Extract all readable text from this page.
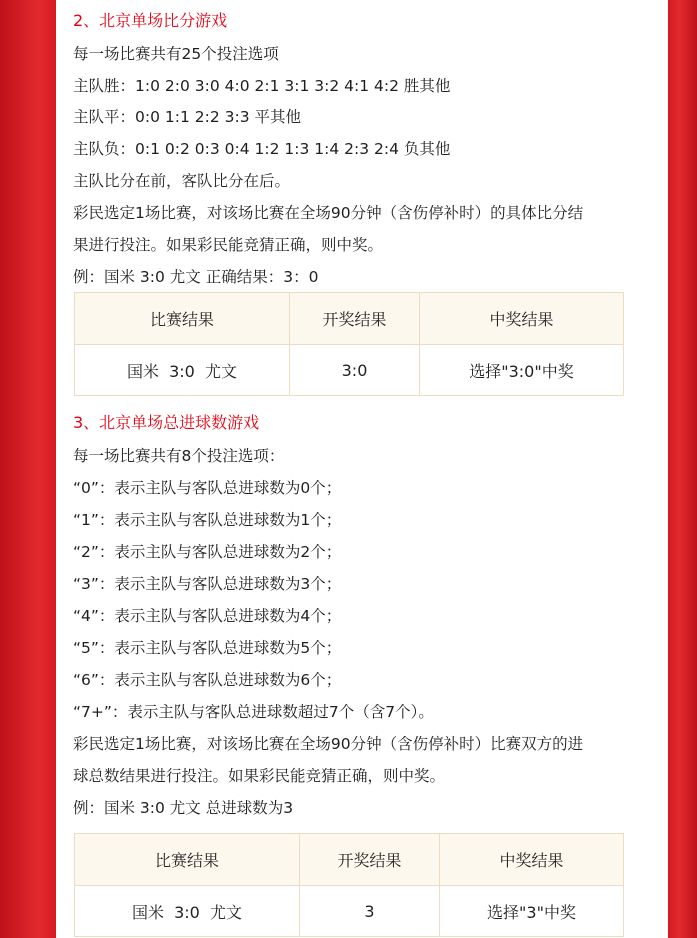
2、北京单场比分游戏
每一场比赛共有25个投注选项
主队胜：1:0 2:0 3:0 4:0 2:1 3:1 3:2 4:1 4:2 胜其他
主队平：0:0 1:1 2:2 3:3 平其他
主队负：0:1 0:2 0:3 0:4 1:2 1:3 1:4 2:3 2:4 负其他
主队比分在前，客队比分在后。
彩民选定1场比赛，对该场比赛在全场90分钟（含伤停补时）的具体比分结
果进行投注。如果彩民能竞猜正确，则中奖。
例：国米 3:0 尤文 正确结果：3：0
比赛结果	开奖结果	中奖结果
国米  3:0  尤文	3:0	选择"3:0"中奖
3、北京单场总进球数游戏
每一场比赛共有8个投注选项：
“0”：表示主队与客队总进球数为0个；
“1”：表示主队与客队总进球数为1个；
“2”：表示主队与客队总进球数为2个；
“3”：表示主队与客队总进球数为3个；
“4”：表示主队与客队总进球数为4个；
“5”：表示主队与客队总进球数为5个；
“6”：表示主队与客队总进球数为6个；
“7+”：表示主队与客队总进球数超过7个（含7个）。
彩民选定1场比赛，对该场比赛在全场90分钟（含伤停补时）比赛双方的进
球总数结果进行投注。如果彩民能竞猜正确，则中奖。
例：国米 3:0 尤文 总进球数为3
比赛结果	开奖结果	中奖结果
国米  3:0  尤文	3	选择"3"中奖
